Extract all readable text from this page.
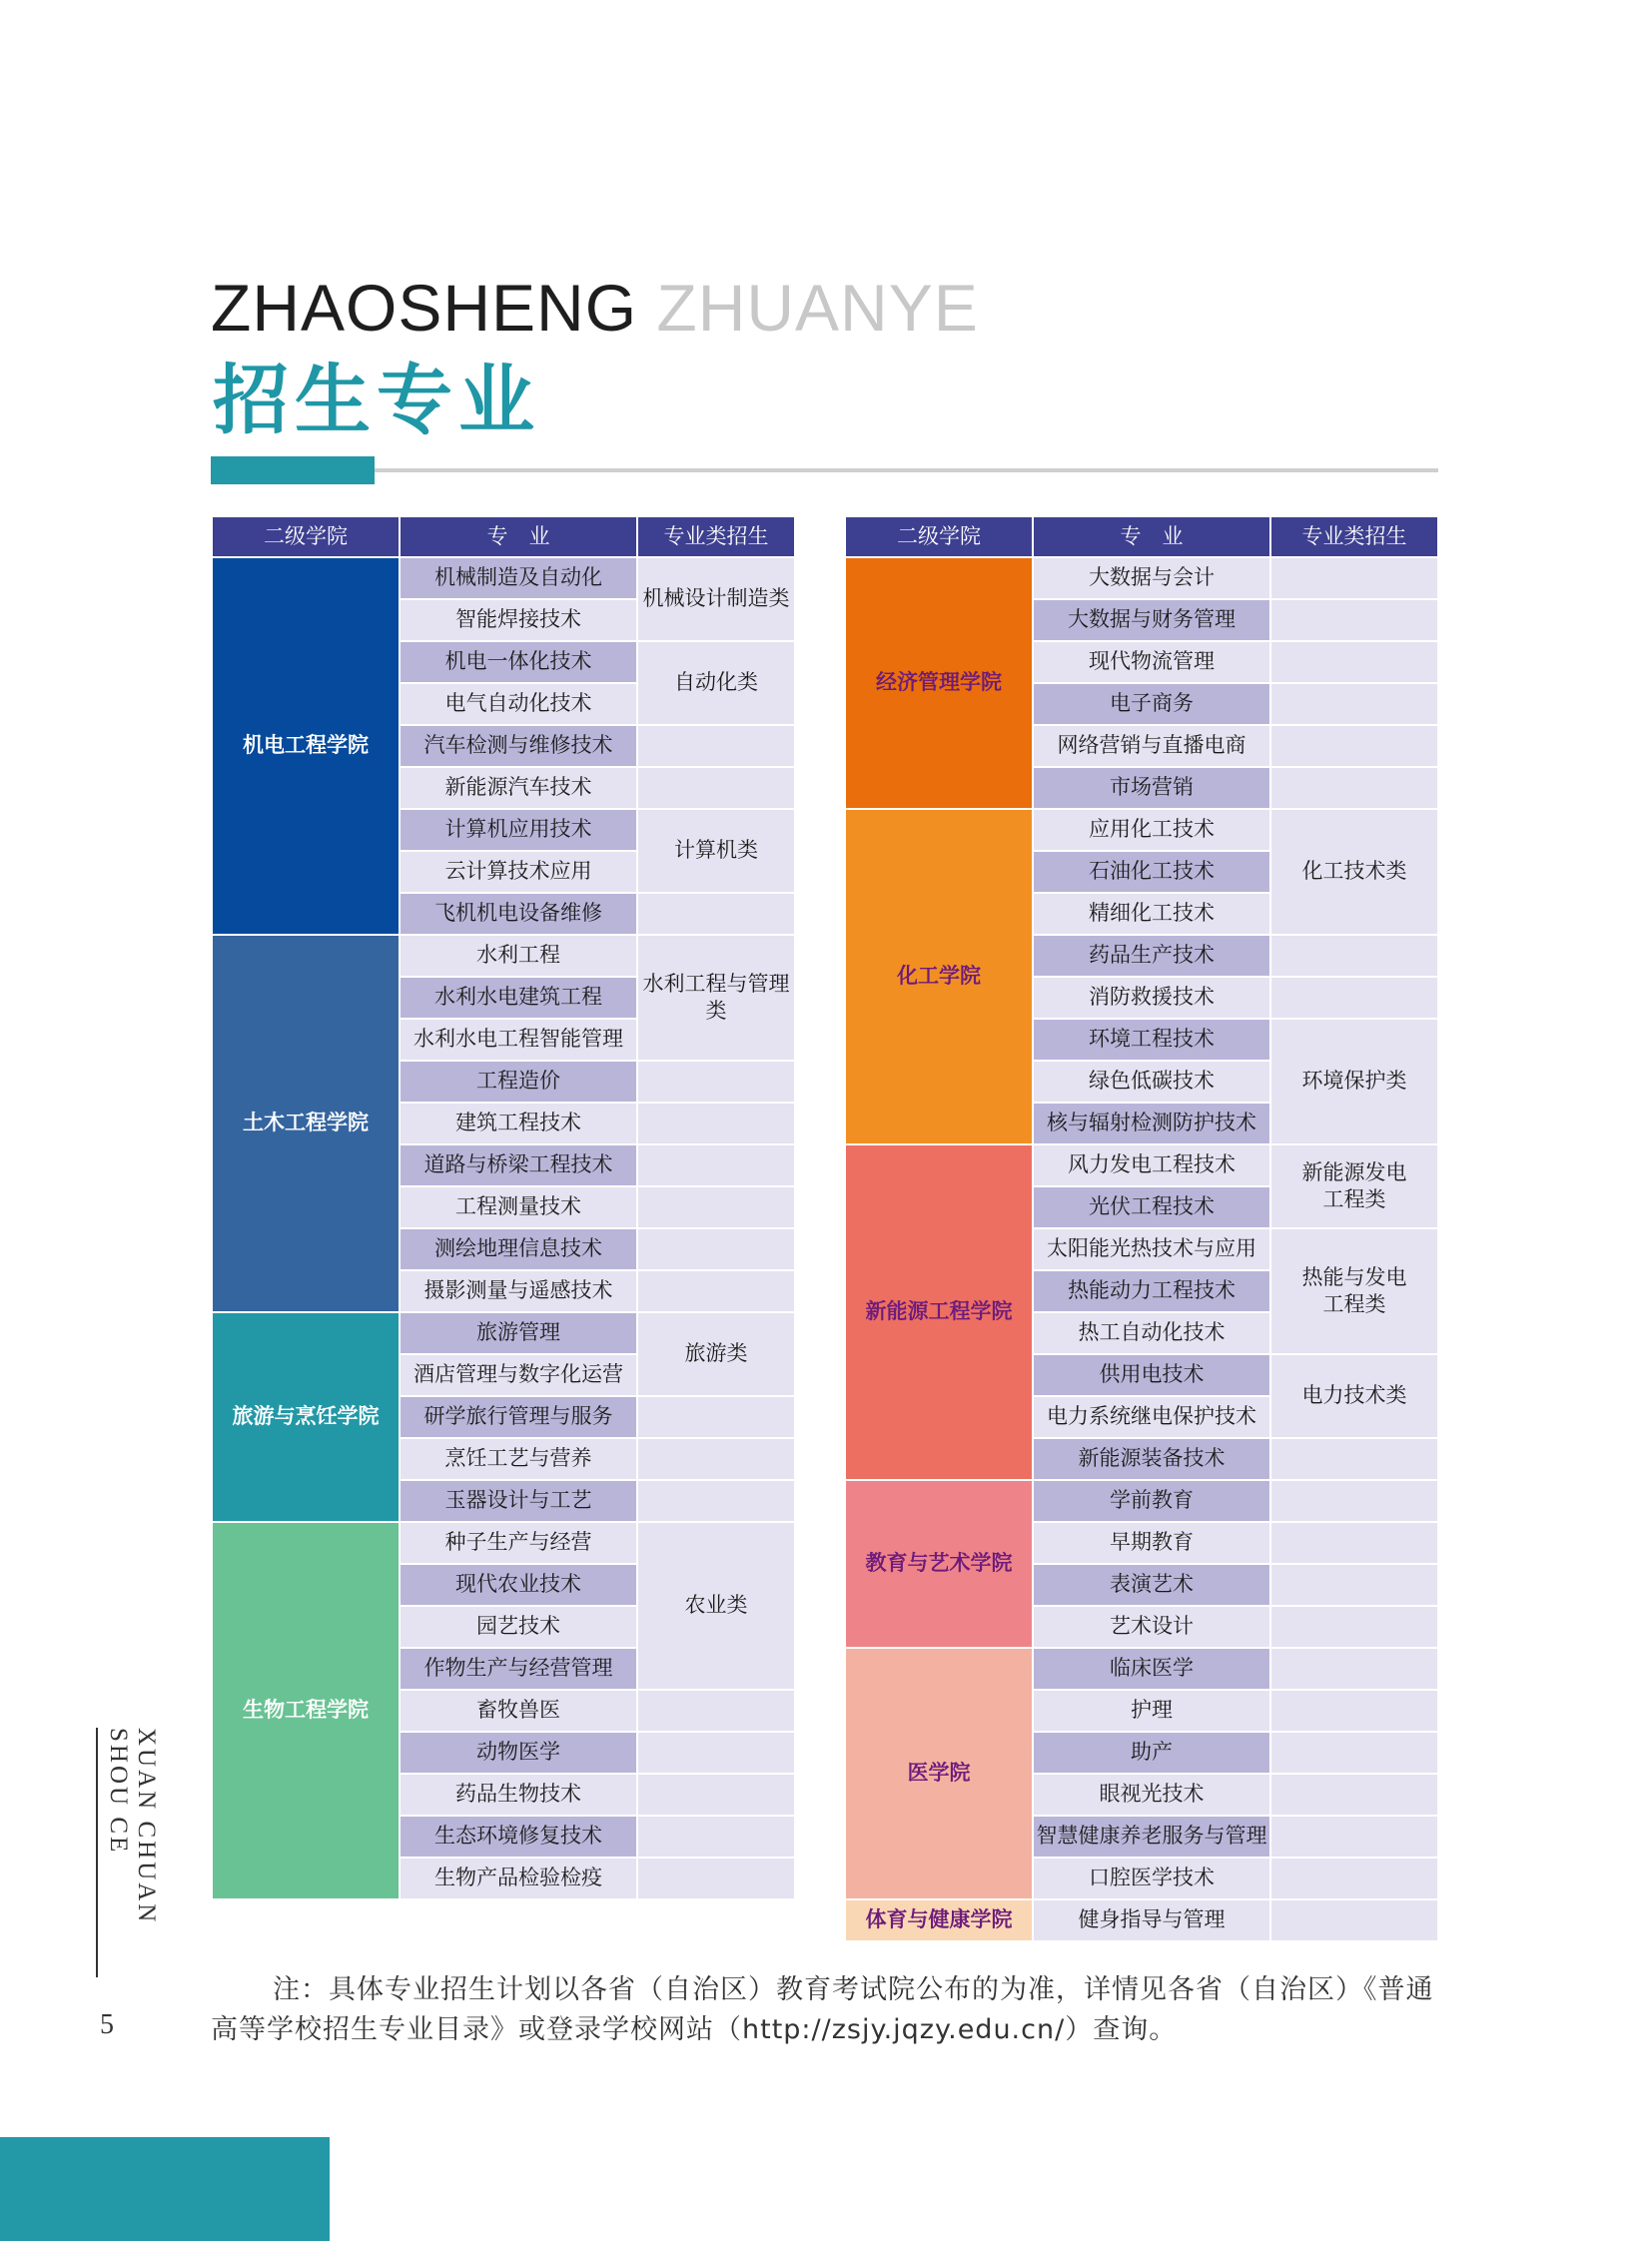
ZHAOSHENG ZHUANYE
招生专业
二级学院	专　业	专业类招生
机电工程学院	机械制造及自动化	机械设计制造类
	智能焊接技术	
	机电一体化技术	自动化类
	电气自动化技术	
	汽车检测与维修技术	
	新能源汽车技术	
	计算机应用技术	计算机类
	云计算技术应用	
	飞机机电设备维修	
土木工程学院	水利工程	水利工程与管理类
	水利水电建筑工程	
	水利水电工程智能管理	
	工程造价	
	建筑工程技术	
	道路与桥梁工程技术	
	工程测量技术	
	测绘地理信息技术	
	摄影测量与遥感技术	
旅游与烹饪学院	旅游管理	旅游类
	酒店管理与数字化运营	
	研学旅行管理与服务	
	烹饪工艺与营养	
	玉器设计与工艺	
生物工程学院	种子生产与经营	农业类
	现代农业技术	
	园艺技术	
	作物生产与经营管理	
	畜牧兽医	
	动物医学	
	药品生物技术	
	生态环境修复技术	
	生物产品检验检疫	
二级学院	专　业	专业类招生
经济管理学院	大数据与会计	
	大数据与财务管理	
	现代物流管理	
	电子商务	
	网络营销与直播电商	
	市场营销	
化工学院	应用化工技术	化工技术类
	石油化工技术	
	精细化工技术	
	药品生产技术	
	消防救援技术	
	环境工程技术	环境保护类
	绿色低碳技术	
	核与辐射检测防护技术	
新能源工程学院	风力发电工程技术	新能源发电工程类
	光伏工程技术	
	太阳能光热技术与应用	热能与发电工程类
	热能动力工程技术	
	热工自动化技术	
	供用电技术	电力技术类
	电力系统继电保护技术	
	新能源装备技术	
教育与艺术学院	学前教育	
	早期教育	
	表演艺术	
	艺术设计	
医学院	临床医学	
	护理	
	助产	
	眼视光技术	
	智慧健康养老服务与管理	
	口腔医学技术	
体育与健康学院	健身指导与管理	
XUAN CHUAN SHOU CE
5
注：具体专业招生计划以各省（自治区）教育考试院公布的为准，详情见各省（自治区）《普通高等学校招生专业目录》或登录学校网站（http://zsjy.jqzy.edu.cn/）查询。
